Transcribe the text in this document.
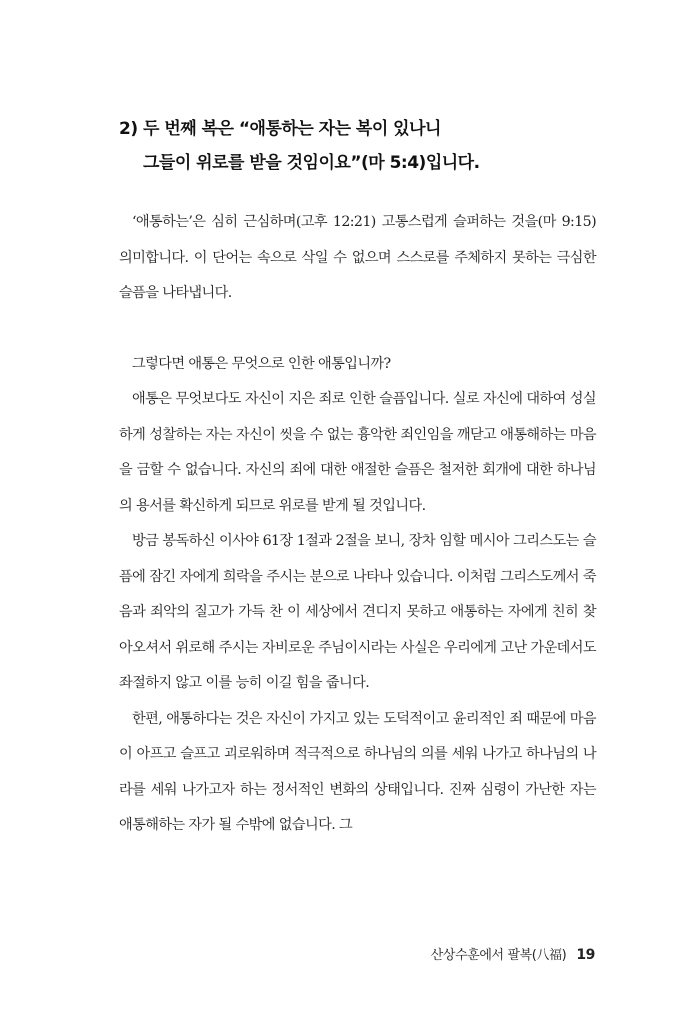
2) 두 번째 복은 “애통하는 자는 복이 있나니
그들이 위로를 받을 것임이요”(마 5:4)입니다.

‘애통하는’은 심히 근심하며(고후 12:21) 고통스럽게 슬퍼하는 것을(마 9:15) 의미합니다. 이 단어는 속으로 삭일 수 없으며 스스로를 주체하지 못하는 극심한 슬픔을 나타냅니다.

그렇다면 애통은 무엇으로 인한 애통입니까?

애통은 무엇보다도 자신이 지은 죄로 인한 슬픔입니다. 실로 자신에 대하여 성실하게 성찰하는 자는 자신이 씻을 수 없는 흉악한 죄인임을 깨닫고 애통해하는 마음을 금할 수 없습니다. 자신의 죄에 대한 애절한 슬픔은 철저한 회개에 대한 하나님의 용서를 확신하게 되므로 위로를 받게 될 것입니다.

방금 봉독하신 이사야 61장 1절과 2절을 보니, 장차 임할 메시아 그리스도는 슬픔에 잠긴 자에게 희락을 주시는 분으로 나타나 있습니다. 이처럼 그리스도께서 죽음과 죄악의 질고가 가득 찬 이 세상에서 견디지 못하고 애통하는 자에게 친히 찾아오셔서 위로해 주시는 자비로운 주님이시라는 사실은 우리에게 고난 가운데서도 좌절하지 않고 이를 능히 이길 힘을 줍니다.

한편, 애통하다는 것은 자신이 가지고 있는 도덕적이고 윤리적인 죄 때문에 마음이 아프고 슬프고 괴로워하며 적극적으로 하나님의 의를 세워 나가고 하나님의 나라를 세워 나가고자 하는 정서적인 변화의 상태입니다. 진짜 심령이 가난한 자는 애통해하는 자가 될 수밖에 없습니다. 그

산상수훈에서 팔복(八福) 19
